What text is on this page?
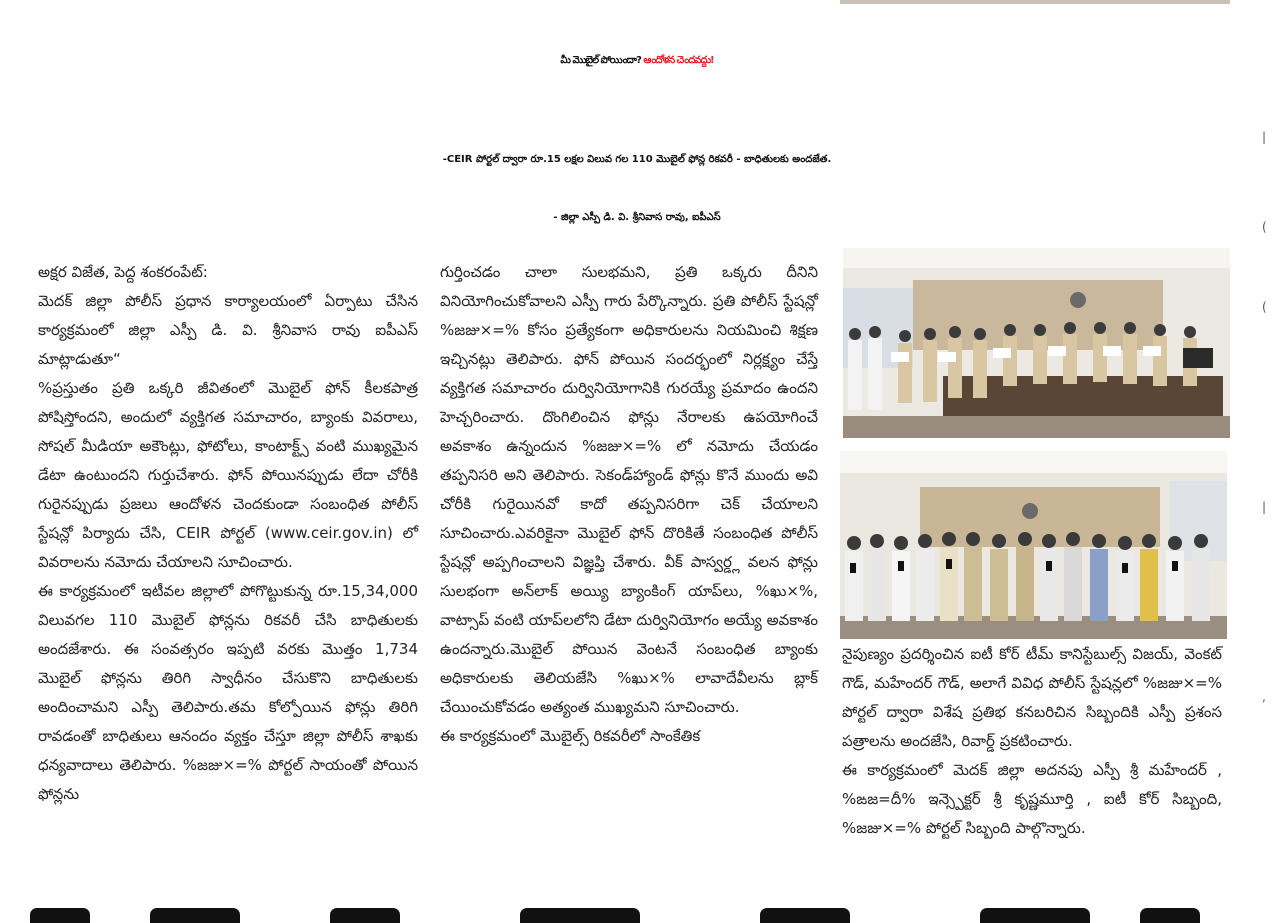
మీ మొబైల్ పోయిందా? ఆందోళన చెందవద్దు!
-CEIR పోర్టల్ ద్వారా రూ.15 లక్షల విలువ గల 110 మొబైల్ ఫోన్ల రికవరీ - బాధితులకు అందజేత.
- జిల్లా ఎస్పీ డి. వి. శ్రీనివాస రావు, ఐపీఎస్

అక్షర విజేత, పెద్ద శంకరంపేట్:

మెదక్ జిల్లా పోలీస్ ప్రధాన కార్యాలయంలో ఏర్పాటు చేసిన కార్యక్రమంలో జిల్లా ఎస్పీ డి. వి. శ్రీనివాస రావు ఐపీఎస్ మాట్లాడుతూ“

%ప్రస్తుతం ప్రతి ఒక్కరి జీవితంలో మొబైల్ ఫోన్ కీలకపాత్ర పోషిస్తోందని, అందులో వ్యక్తిగత సమాచారం, బ్యాంకు వివరాలు, సోషల్ మీడియా అకౌంట్లు, ఫోటోలు, కాంటాక్ట్స్ వంటి ముఖ్యమైన డేటా ఉంటుందని గుర్తుచేశారు. ఫోన్ పోయినప్పుడు లేదా చోరీకి గురైనప్పుడు ప్రజలు ఆందోళన చెందకుండా సంబంధిత పోలీస్ స్టేషన్లో పిర్యాదు చేసి, CEIR పోర్టల్ (www.ceir.gov.in) లో వివరాలను నమోదు చేయాలని సూచించారు.

ఈ కార్యక్రమంలో ఇటీవల జిల్లాలో పోగొట్టుకున్న రూ.15,34,000 విలువగల 110 మొబైల్ ఫోన్లను రికవరీ చేసి బాధితులకు అందజేశారు. ఈ సంవత్సరం ఇప్పటి వరకు మొత్తం 1,734 మొబైల్ ఫోన్లను తిరిగి స్వాధీనం చేసుకొని బాధితులకు అందించామని ఎస్పీ తెలిపారు.తమ కోల్పోయిన ఫోన్లు తిరిగి రావడంతో బాధితులు ఆనందం వ్యక్తం చేస్తూ జిల్లా పోలీస్ శాఖకు ధన్యవాదాలు తెలిపారు. %జజు×=% పోర్టల్ సాయంతో పోయిన ఫోన్లను

గుర్తించడం చాలా సులభమని, ప్రతి ఒక్కరు దీనిని వినియోగించుకోవాలని ఎస్పీ గారు పేర్కొన్నారు. ప్రతి పోలీస్ స్టేషన్లో %జజు×=% కోసం ప్రత్యేకంగా అధికారులను నియమించి శిక్షణ ఇచ్చినట్లు తెలిపారు. ఫోన్ పోయిన సందర్భంలో నిర్లక్ష్యం చేస్తే వ్యక్తిగత సమాచారం దుర్వినియోగానికి గురయ్యే ప్రమాదం ఉందని హెచ్చరించారు. దొంగిలించిన ఫోన్లు నేరాలకు ఉపయోగించే అవకాశం ఉన్నందున %జజు×=% లో నమోదు చేయడం తప్పనిసరి అని తెలిపారు. సెకండ్‌హ్యాండ్ ఫోన్లు కొనే ముందు అవి చోరీకి గురైయినవో కాదో తప్పనిసరిగా చెక్ చేయాలని సూచించారు.ఎవరికైనా మొబైల్ ఫోన్ దొరికితే సంబంధిత పోలీస్ స్టేషన్లో అప్పగించాలని విజ్ఞప్తి చేశారు. వీక్ పాస్వర్డ్ల వలన ఫోన్లు సులభంగా అన్‌లాక్ అయ్యి బ్యాంకింగ్ యాప్‌లు, %ఖు×%, వాట్సాప్ వంటి యాప్‌లలోని డేటా దుర్వినియోగం అయ్యే అవకాశం ఉందన్నారు.మొబైల్ పోయిన వెంటనే సంబంధిత బ్యాంకు అధికారులకు తెలియజేసి %ఖు×% లావాదేవీలను బ్లాక్ చేయించుకోవడం అత్యంత ముఖ్యమని సూచించారు.

ఈ కార్యక్రమంలో మొబైల్స్ రికవరీలో సాంకేతిక

నైపుణ్యం ప్రదర్శించిన ఐటీ కోర్ టీమ్ కానిస్టేబుల్స్ విజయ్, వెంకట్ గౌడ్, మహేందర్ గౌడ్, అలాగే వివిధ పోలీస్ స్టేషన్లలో %జజు×=% పోర్టల్ ద్వారా విశేష ప్రతిభ కనబరిచిన సిబ్బందికి ఎస్పీ ప్రశంస పత్రాలను అందజేసి, రివార్డ్ ప్రకటించారు.

ఈ కార్యక్రమంలో మెదక్ జిల్లా అదనపు ఎస్పీ శ్రీ మహేందర్ , %ఙజ=దీ% ఇన్స్పెక్టర్ శ్రీ కృష్ణమూర్తి , ఐటీ కోర్ సిబ్బంది, %జజు×=% పోర్టల్ సిబ్బంది పాల్గొన్నారు.

|
(
(
|
,
